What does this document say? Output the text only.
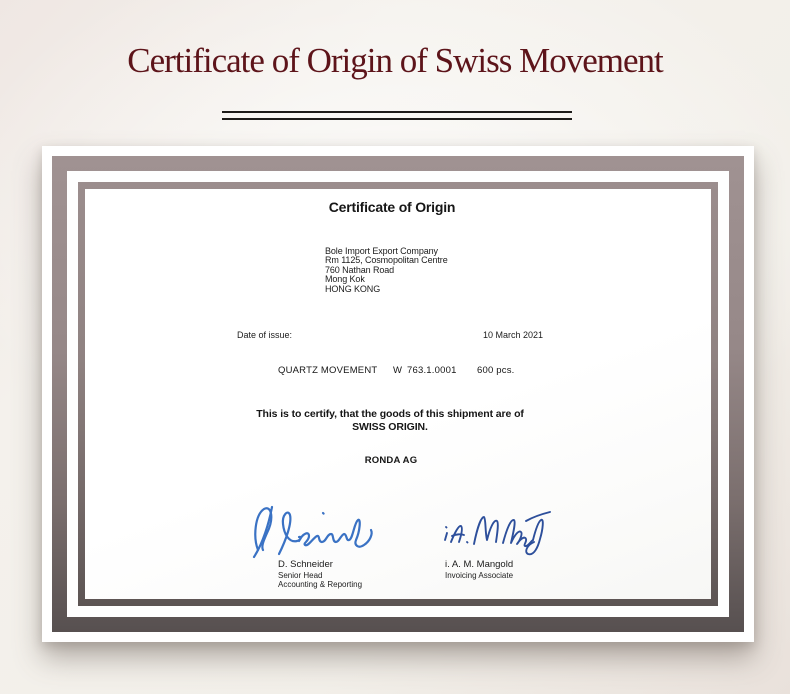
Certificate of Origin of Swiss Movement
Certificate of Origin
Bole Import Export Company
Rm 1125, Cosmopolitan Centre
760 Nathan Road
Mong Kok
HONG KONG
Date of issue:	10 March 2021
QUARTZ MOVEMENT W 763.1.0001 600 pcs.
This is to certify, that the goods of this shipment are of
SWISS ORIGIN.
RONDA AG
D. Schneider
Senior Head
Accounting & Reporting
i. A. M. Mangold
Invoicing Associate
